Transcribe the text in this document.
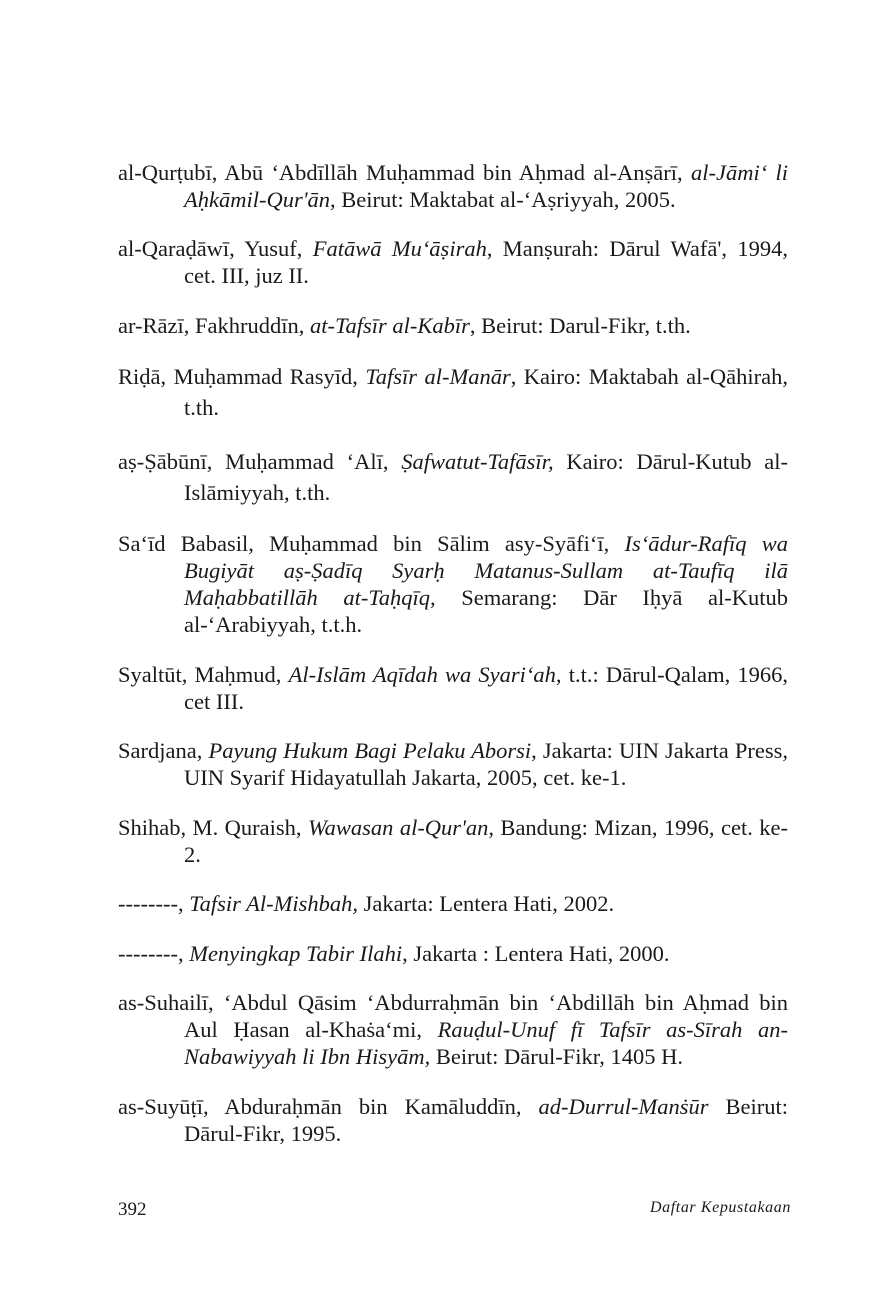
al-Qurṭubī, Abū ‘Abdīllāh Muḥammad bin Aḥmad al-Anṣārī, al-Jāmi‘ li Aḥkāmil-Qur'ān, Beirut: Maktabat al-‘Aṣriyyah, 2005.

al-Qaraḍāwī, Yusuf, Fatāwā Mu‘āṣirah, Manṣurah: Dārul Wafā', 1994, cet. III, juz II.

ar-Rāzī, Fakhruddīn, at-Tafsīr al-Kabīr, Beirut: Darul-Fikr, t.th.

Riḍā, Muḥammad Rasyīd, Tafsīr al-Manār, Kairo: Maktabah al-Qāhirah, t.th.

aṣ-Ṣābūnī, Muḥammad ‘Alī, Ṣafwatut-Tafāsīr, Kairo: Dārul-Kutub al-Islāmiyyah, t.th.

Sa‘īd Babasil, Muḥammad bin Sālim asy-Syāfi‘ī, Is‘ādur-Rafīq wa Bugiyāt aṣ-Ṣadīq Syarḥ Matanus-Sullam at-Taufīq ilā Maḥabbatillāh at-Taḥqīq, Semarang: Dār Iḥyā al-Kutub al-‘Arabiyyah, t.t.h.

Syaltūt, Maḥmud, Al-Islām Aqīdah wa Syari‘ah, t.t.: Dārul-Qalam, 1966, cet III.

Sardjana, Payung Hukum Bagi Pelaku Aborsi, Jakarta: UIN Jakarta Press, UIN Syarif Hidayatullah Jakarta, 2005, cet. ke-1.

Shihab, M. Quraish, Wawasan al-Qur'an, Bandung: Mizan, 1996, cet. ke-2.

--------, Tafsir Al-Mishbah, Jakarta: Lentera Hati, 2002.

--------, Menyingkap Tabir Ilahi, Jakarta : Lentera Hati, 2000.

as-Suhailī, ‘Abdul Qāsim ‘Abdurraḥmān bin ‘Abdillāh bin Aḥmad bin Aul Ḥasan al-Khaṡa‘mi, Rauḍul-Unuf fī Tafsīr as-Sīrah an-Nabawiyyah li Ibn Hisyām, Beirut: Dārul-Fikr, 1405 H.

as-Suyūṭī, Abduraḥmān bin Kamāluddīn, ad-Durrul-Manṡūr Beirut: Dārul-Fikr, 1995.

392	Daftar Kepustakaan
